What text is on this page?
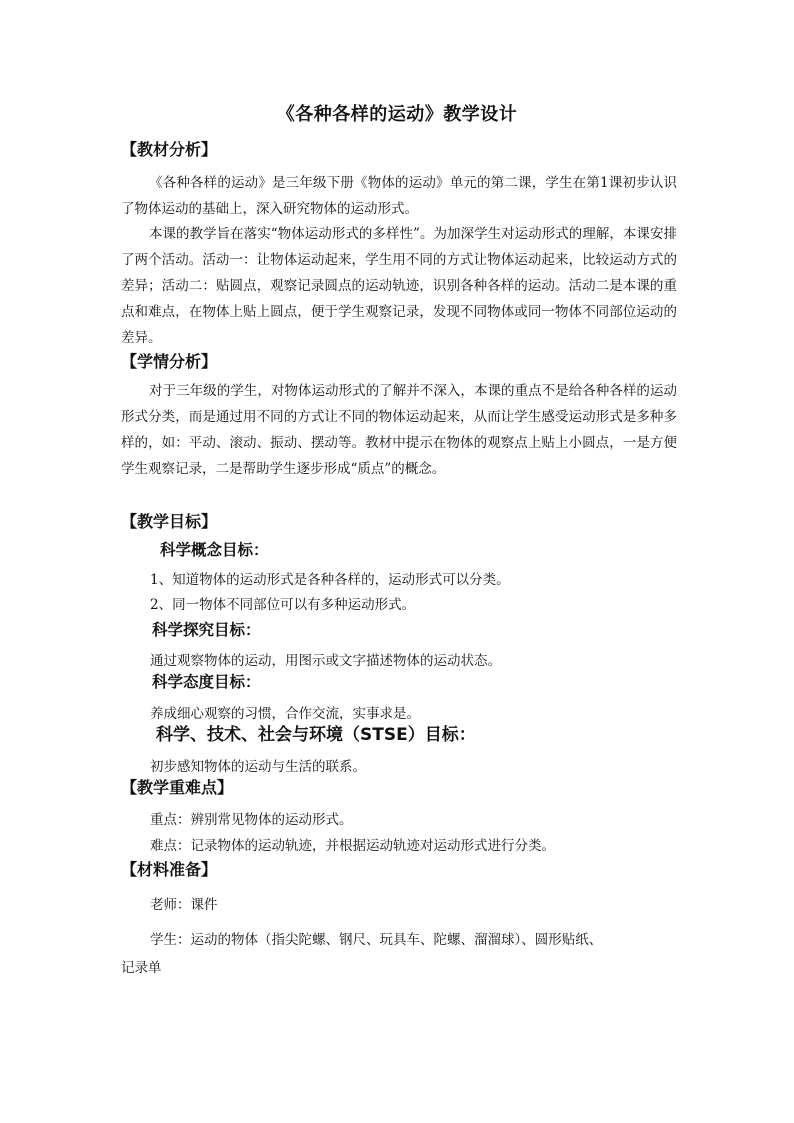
《各种各样的运动》教学设计
【教材分析】

《各种各样的运动》是三年级下册《物体的运动》单元的第二课，学生在第1课初步认识了物体运动的基础上，深入研究物体的运动形式。

本课的教学旨在落实“物体运动形式的多样性”。为加深学生对运动形式的理解，本课安排了两个活动。活动一：让物体运动起来，学生用不同的方式让物体运动起来，比较运动方式的差异；活动二：贴圆点，观察记录圆点的运动轨迹，识别各种各样的运动。活动二是本课的重点和难点，在物体上贴上圆点，便于学生观察记录，发现不同物体或同一物体不同部位运动的差异。

【学情分析】

对于三年级的学生，对物体运动形式的了解并不深入，本课的重点不是给各种各样的运动形式分类，而是通过用不同的方式让不同的物体运动起来，从而让学生感受运动形式是多种多样的，如：平动、滚动、振动、摆动等。教材中提示在物体的观察点上贴上小圆点，一是方便学生观察记录，二是帮助学生逐步形成“质点”的概念。

【教学目标】
科学概念目标：
1、知道物体的运动形式是各种各样的，运动形式可以分类。
2、同一物体不同部位可以有多种运动形式。
科学探究目标：
通过观察物体的运动，用图示或文字描述物体的运动状态。
科学态度目标：
养成细心观察的习惯，合作交流，实事求是。
科学、技术、社会与环境（STSE）目标：
初步感知物体的运动与生活的联系。
【教学重难点】
重点：辨别常见物体的运动形式。
难点：记录物体的运动轨迹，并根据运动轨迹对运动形式进行分类。
【材料准备】
老师：课件
学生：运动的物体（指尖陀螺、钢尺、玩具车、陀螺、溜溜球）、圆形贴纸、
记录单
